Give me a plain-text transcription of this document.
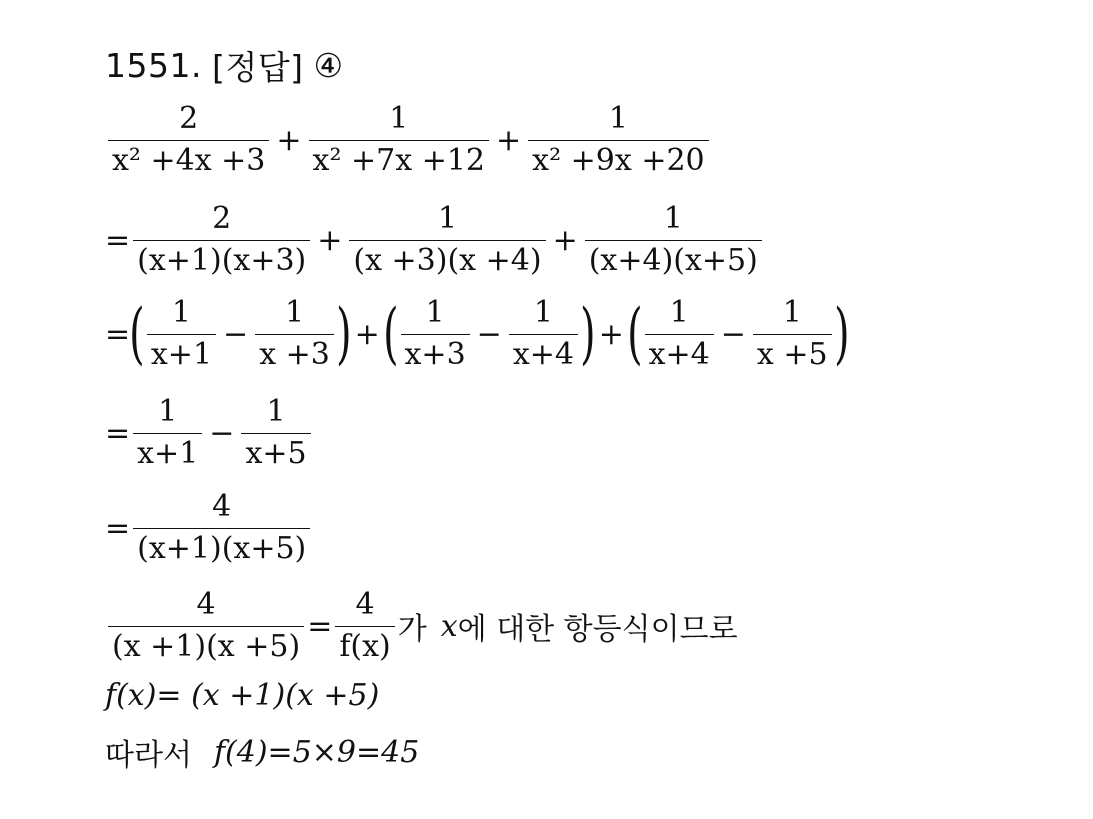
1551. [정답] ④
$\frac{2}{\text{x² +4x +3}} + \frac{1}{\text{x² +7x +12}} + \frac{1}{\text{x² +9x +20}}$
= $\frac{2}{(x+1)(x+3)} + \frac{1}{(x +3)(x +4)} + \frac{1}{(x+4)(x+5)}$
= ( $\frac{1}{x+1} - \frac{1}{x +3}$ ) + ( $\frac{1}{x+3} - \frac{1}{x+4}$ ) + ( $\frac{1}{x+4} - \frac{1}{x +5}$ )
= $\frac{1}{x+1} - \frac{1}{x+5}$
= $\frac{4}{(x+1)(x+5)}$
$\frac{4}{(x +1)(x +5)} = \frac{4}{f(x)}$ 가 x 에 대한 항등식이므로
f(x)= (x +1)(x +5)
따라서 f(4)=5×9=45
